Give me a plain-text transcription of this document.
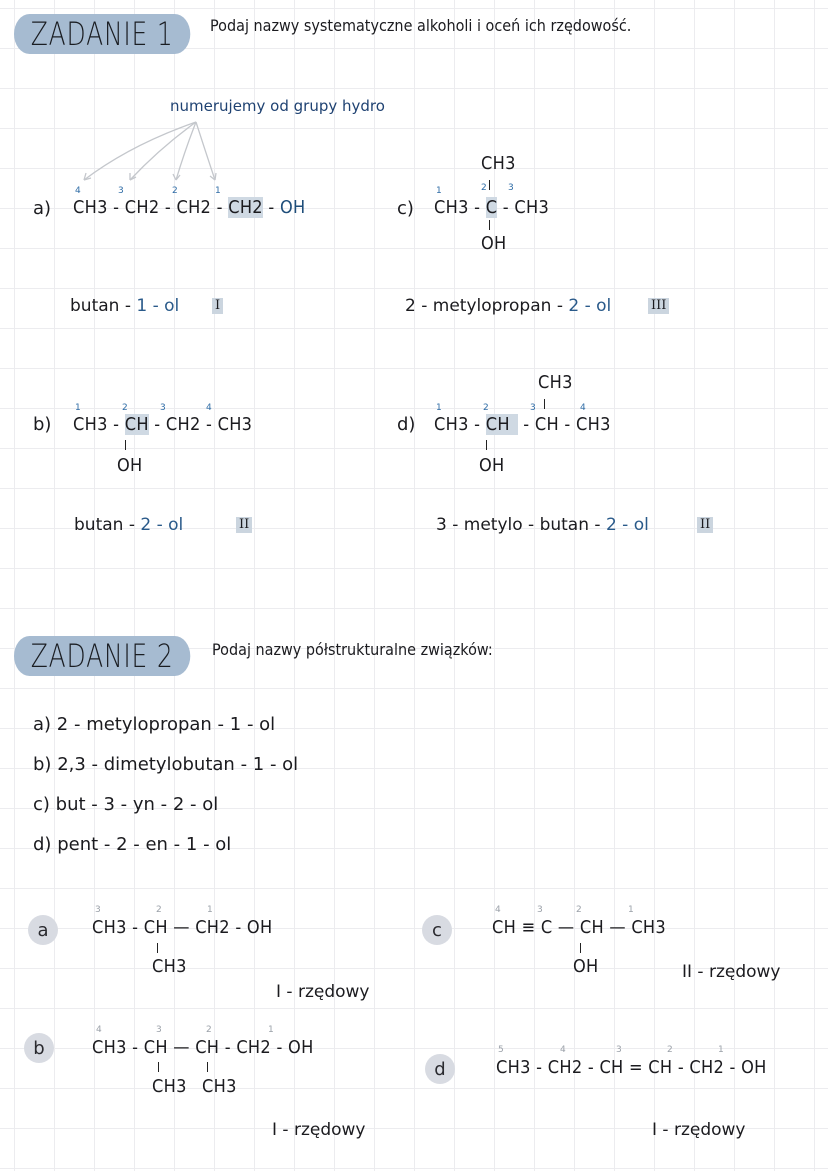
ZADANIE 1 Podaj nazwy systematyczne alkoholi i oceń ich rzędowość.
numerujemy od grupy hydro
a) CH3 - CH2 - CH2 - CH2 - OH
4	3	2	1
butan - 1 - ol	I
c)
CH3
CH3 - C - CH3
1	2 3
OH
2 - metylopropan - 2 - ol	III
b) CH3 - CH - CH2 - CH3
1	2	3	4
OH
butan - 2 - ol	II
d)
CH3
CH3 - CH - CH - CH3
1	2	3	4
OH
3 - metylo - butan - 2 - ol	II
ZADANIE 2 Podaj nazwy półstrukturalne związków:
a) 2 - metylopropan - 1 - ol
b) 2,3 - dimetylobutan - 1 - ol
c) but - 3 - yn - 2 - ol
d) pent - 2 - en - 1 - ol
a
3	2	1
CH3 - CH — CH2 - OH
CH3
I - rzędowy
c
4	3	2	1
CH ≡ C — CH — CH3
OH	II - rzędowy
b
4	3	2	1
CH3 - CH — CH - CH2 - OH
CH3 CH3
I - rzędowy
d
5	4	3	2	1
CH3 - CH2 - CH = CH - CH2 - OH
I - rzędowy
